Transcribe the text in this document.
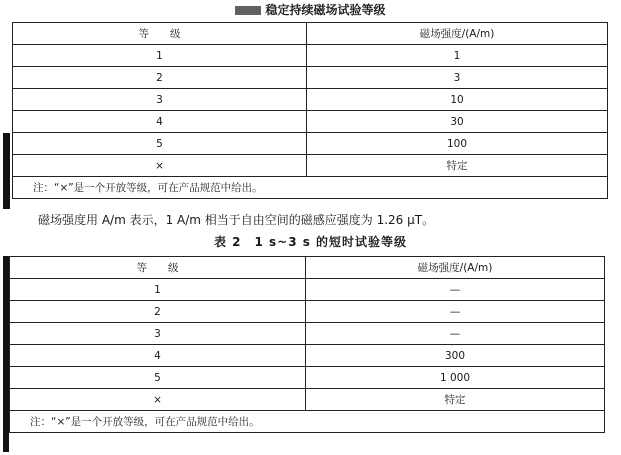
稳定持续磁场试验等级
等　　级	磁场强度/(A/m)
1	1
2	3
3	10
4	30
5	100
×	特定
注：“×”是一个开放等级，可在产品规范中给出。	
磁场强度用 A/m 表示，1 A/m 相当于自由空间的磁感应强度为 1.26 μT。
表 2　1 s~3 s 的短时试验等级
等　　级	磁场强度/(A/m)
1	—
2	—
3	—
4	300
5	1 000
×	特定
注：“×”是一个开放等级，可在产品规范中给出。	
